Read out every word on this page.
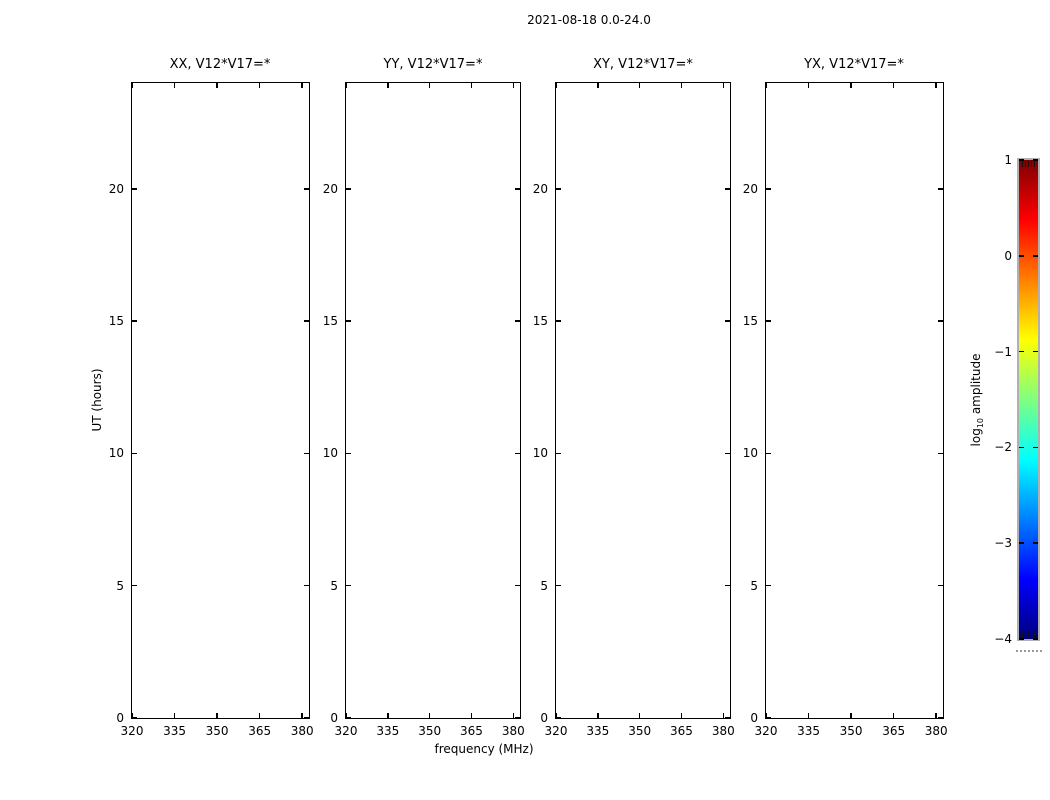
2021-08-18 0.0-24.0
XX, V12*V17=*	YY, V12*V17=*	XY, V12*V17=*	YX, V12*V17=*
320	335	350	365	380
0
5
10
15
20
320	335	350	365	380
0
5
10
15
20
320	335	350	365	380
0
5
10
15
20
320	335	350	365	380
0
5
10
15
20
UT (hours)
frequency (MHz)
1
0
−1
−2
−3
−4
$\log_{10}$ amplitude
